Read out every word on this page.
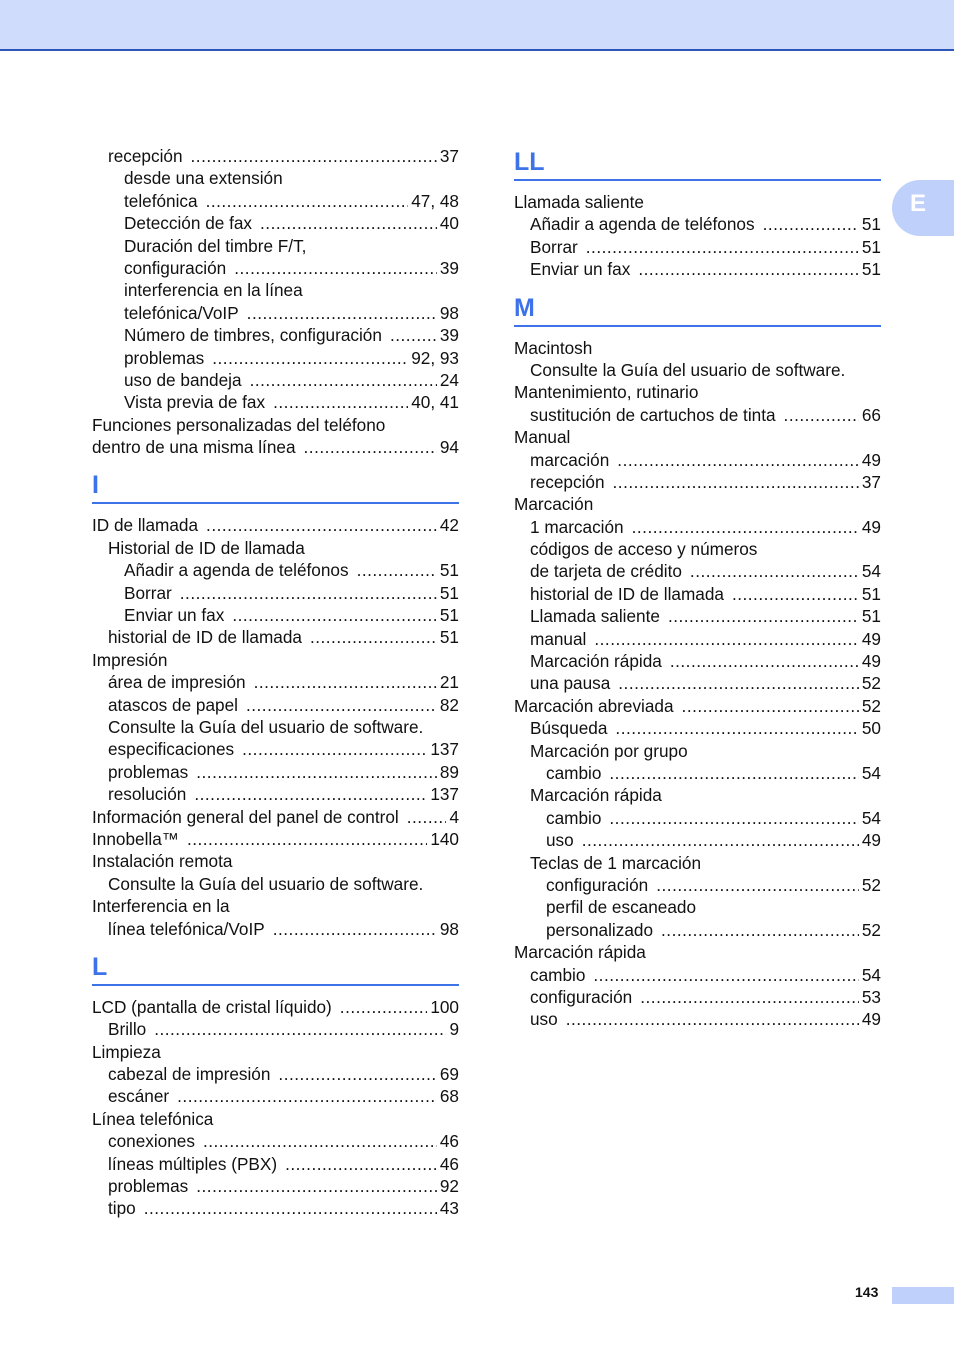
E
recepción .....	37
desde una extensión
telefónica .....	47, 48
Detección de fax .....	40
Duración del timbre F/T,
configuración .....	39
interferencia en la línea
telefónica/VoIP .....	98
Número de timbres, configuración .....	39
problemas .....	92, 93
uso de bandeja .....	24
Vista previa de fax .....	40, 41
Funciones personalizadas del teléfono
dentro de una misma línea .....	94
I
ID de llamada .....	42
Historial de ID de llamada
Añadir a agenda de teléfonos .....	51
Borrar .....	51
Enviar un fax .....	51
historial de ID de llamada .....	51
Impresión
área de impresión .....	21
atascos de papel .....	82
Consulte la Guía del usuario de software.
especificaciones .....	137
problemas .....	89
resolución .....	137
Información general del panel de control .....	4
Innobella™ .....	140
Instalación remota
Consulte la Guía del usuario de software.
Interferencia en la
línea telefónica/VoIP .....	98
L
LCD (pantalla de cristal líquido) .....	100
Brillo .....	9
Limpieza
cabezal de impresión .....	69
escáner .....	68
Línea telefónica
conexiones .....	46
líneas múltiples (PBX) .....	46
problemas .....	92
tipo .....	43
LL
Llamada saliente
Añadir a agenda de teléfonos .....	51
Borrar .....	51
Enviar un fax .....	51
M
Macintosh
Consulte la Guía del usuario de software.
Mantenimiento, rutinario
sustitución de cartuchos de tinta .....	66
Manual
marcación .....	49
recepción .....	37
Marcación
1 marcación .....	49
códigos de acceso y números
de tarjeta de crédito .....	54
historial de ID de llamada .....	51
Llamada saliente .....	51
manual .....	49
Marcación rápida .....	49
una pausa .....	52
Marcación abreviada .....	52
Búsqueda .....	50
Marcación por grupo
cambio .....	54
Marcación rápida
cambio .....	54
uso .....	49
Teclas de 1 marcación
configuración .....	52
perfil de escaneado
personalizado .....	52
Marcación rápida
cambio .....	54
configuración .....	53
uso .....	49
143
